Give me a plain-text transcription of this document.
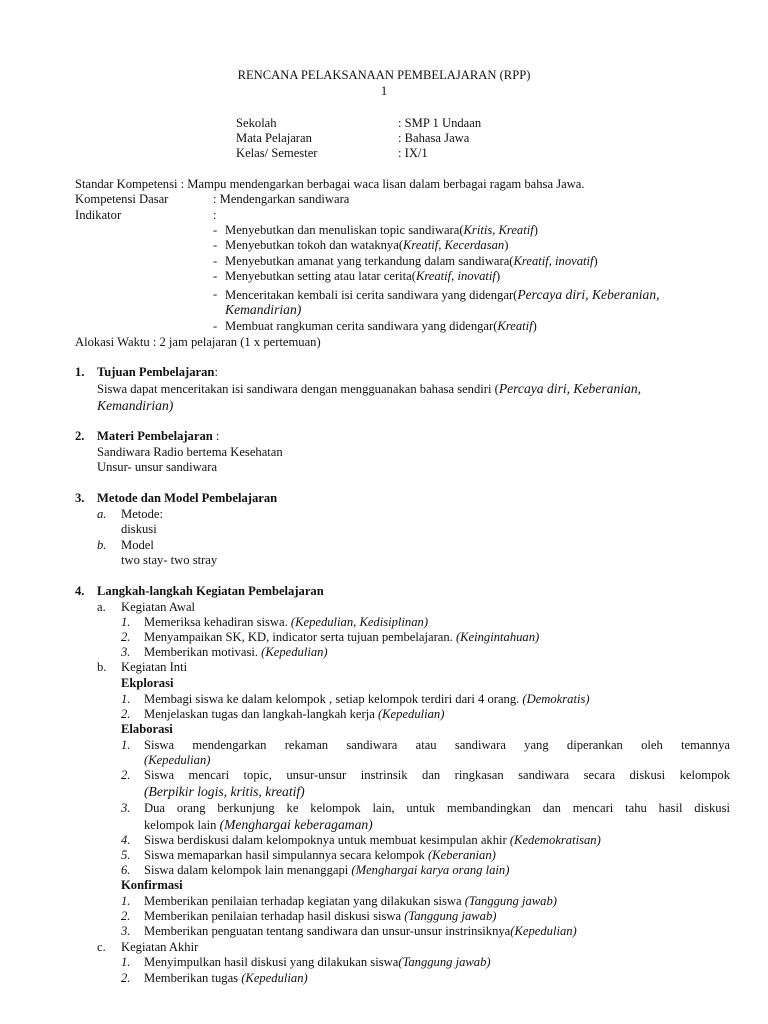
RENCANA PELAKSANAAN PEMBELAJARAN (RPP)
1
Sekolah	: SMP 1 Undaan
Mata Pelajaran	: Bahasa Jawa
Kelas/ Semester	: IX/1
Standar Kompetensi : Mampu mendengarkan berbagai waca lisan dalam berbagai ragam bahsa Jawa.
Kompetensi Dasar	: Mendengarkan sandiwara
Indikator	:
- Menyebutkan dan menuliskan topic sandiwara(Kritis, Kreatif)
- Menyebutkan tokoh dan wataknya(Kreatif, Kecerdasan)
- Menyebutkan amanat yang terkandung dalam sandiwara(Kreatif, inovatif)
- Menyebutkan setting atau latar cerita(Kreatif, inovatif)
- Menceritakan kembali isi cerita sandiwara yang didengar(Percaya diri, Keberanian,
Kemandirian)
- Membuat rangkuman cerita sandiwara yang didengar(Kreatif)
Alokasi Waktu : 2 jam pelajaran (1 x pertemuan)
1. Tujuan Pembelajaran:
Siswa dapat menceritakan isi sandiwara dengan mengguanakan bahasa sendiri (Percaya diri, Keberanian,
Kemandirian)
2. Materi Pembelajaran :
Sandiwara Radio bertema Kesehatan
Unsur- unsur sandiwara
3. Metode dan Model Pembelajaran
a. Metode:
diskusi
b. Model
two stay- two stray
4. Langkah-langkah Kegiatan Pembelajaran
a. Kegiatan Awal
1. Memeriksa kehadiran siswa. (Kepedulian, Kedisiplinan)
2. Menyampaikan SK, KD, indicator serta tujuan pembelajaran. (Keingintahuan)
3. Memberikan motivasi. (Kepedulian)
b. Kegiatan Inti
Ekplorasi
1. Membagi siswa ke dalam kelompok , setiap kelompok terdiri dari 4 orang. (Demokratis)
2. Menjelaskan tugas dan langkah-langkah kerja (Kepedulian)
Elaborasi
1. Siswa mendengarkan rekaman sandiwara atau sandiwara yang diperankan oleh temannya
(Kepedulian)
2. Siswa mencari topic, unsur-unsur instrinsik dan ringkasan sandiwara secara diskusi kelompok
(Berpikir logis, kritis, kreatif)
3. Dua orang berkunjung ke kelompok lain, untuk membandingkan dan mencari tahu hasil diskusi
kelompok lain (Menghargai keberagaman)
4. Siswa berdiskusi dalam kelompoknya untuk membuat kesimpulan akhir (Kedemokratisan)
5. Siswa memaparkan hasil simpulannya secara kelompok (Keberanian)
6. Siswa dalam kelompok lain menanggapi (Menghargai karya orang lain)
Konfirmasi
1. Memberikan penilaian terhadap kegiatan yang dilakukan siswa (Tanggung jawab)
2. Memberikan penilaian terhadap hasil diskusi siswa (Tanggung jawab)
3. Memberikan penguatan tentang sandiwara dan unsur-unsur instrinsiknya(Kepedulian)
c. Kegiatan Akhir
1. Menyimpulkan hasil diskusi yang dilakukan siswa(Tanggung jawab)
2. Memberikan tugas (Kepedulian)
